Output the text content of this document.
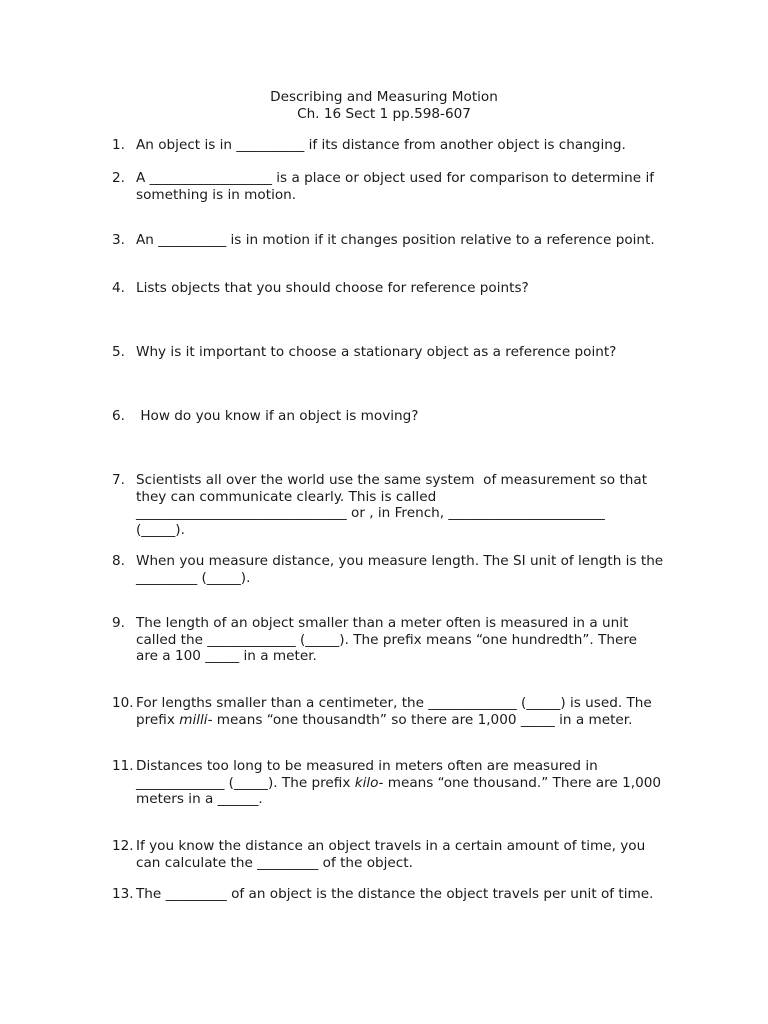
Describing and Measuring Motion
Ch. 16 Sect 1 pp.598-607
1. An object is in __________ if its distance from another object is changing.
2. A __________________ is a place or object used for comparison to determine if
something is in motion.
3. An __________ is in motion if it changes position relative to a reference point.
4. Lists objects that you should choose for reference points?
5. Why is it important to choose a stationary object as a reference point?
6. How do you know if an object is moving?
7. Scientists all over the world use the same system  of measurement so that
they can communicate clearly. This is called
_______________________________ or , in French, _______________________
(_____).
8. When you measure distance, you measure length. The SI unit of length is the
_________ (_____).
9. The length of an object smaller than a meter often is measured in a unit
called the _____________ (_____). The prefix means “one hundredth”. There
are a 100 _____ in a meter.
10. For lengths smaller than a centimeter, the _____________ (_____) is used. The
prefix milli- means “one thousandth” so there are 1,000 _____ in a meter.
11. Distances too long to be measured in meters often are measured in
_____________ (_____). The prefix kilo- means “one thousand.” There are 1,000
meters in a ______.
12. If you know the distance an object travels in a certain amount of time, you
can calculate the _________ of the object.
13. The _________ of an object is the distance the object travels per unit of time.
